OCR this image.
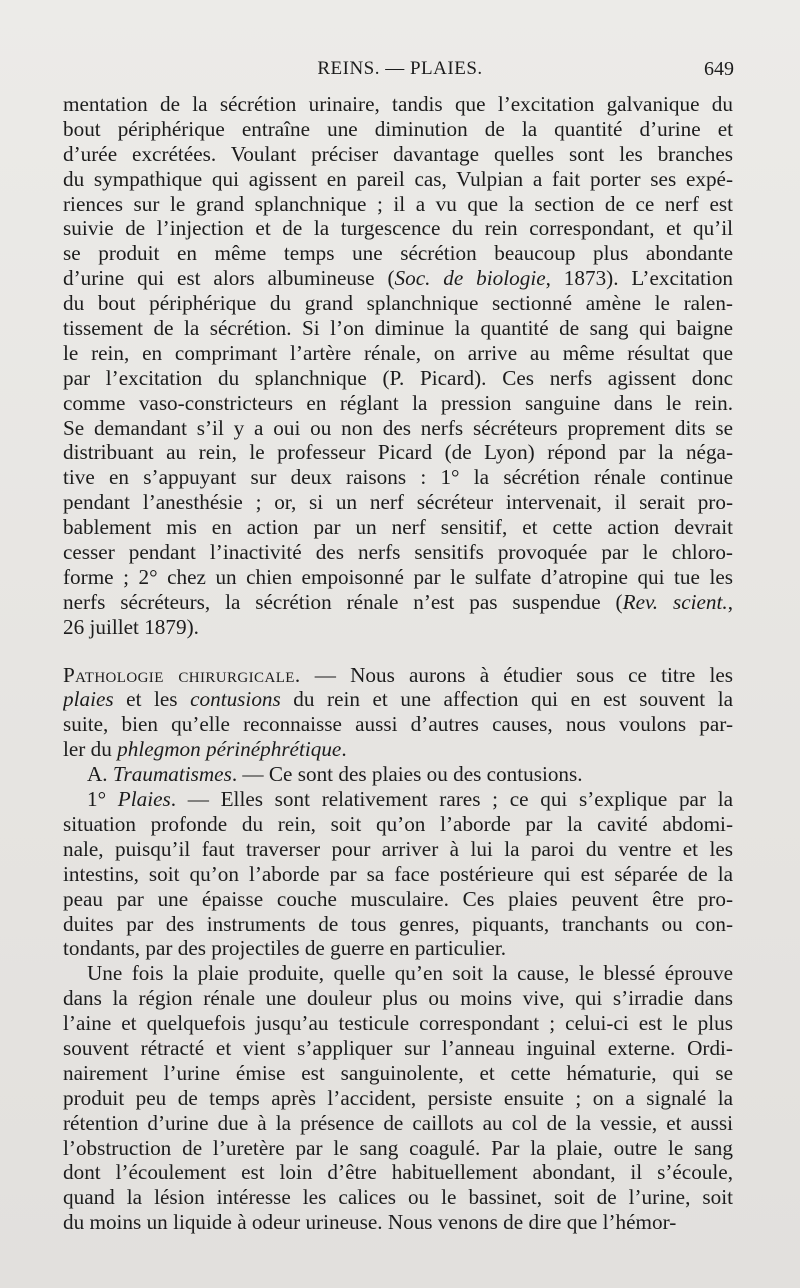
REINS. — PLAIES.	649
mentation de la sécrétion urinaire, tandis que l’excitation galvanique du
bout périphérique entraîne une diminution de la quantité d’urine et
d’urée excrétées. Voulant préciser davantage quelles sont les branches
du sympathique qui agissent en pareil cas, Vulpian a fait porter ses expé-
riences sur le grand splanchnique ; il a vu que la section de ce nerf est
suivie de l’injection et de la turgescence du rein correspondant, et qu’il
se produit en même temps une sécrétion beaucoup plus abondante
d’urine qui est alors albumineuse (Soc. de biologie, 1873). L’excitation
du bout périphérique du grand splanchnique sectionné amène le ralen-
tissement de la sécrétion. Si l’on diminue la quantité de sang qui baigne
le rein, en comprimant l’artère rénale, on arrive au même résultat que
par l’excitation du splanchnique (P. Picard). Ces nerfs agissent donc
comme vaso-constricteurs en réglant la pression sanguine dans le rein.
Se demandant s’il y a oui ou non des nerfs sécréteurs proprement dits se
distribuant au rein, le professeur Picard (de Lyon) répond par la néga-
tive en s’appuyant sur deux raisons : 1° la sécrétion rénale continue
pendant l’anesthésie ; or, si un nerf sécréteur intervenait, il serait pro-
bablement mis en action par un nerf sensitif, et cette action devrait
cesser pendant l’inactivité des nerfs sensitifs provoquée par le chloro-
forme ; 2° chez un chien empoisonné par le sulfate d’atropine qui tue les
nerfs sécréteurs, la sécrétion rénale n’est pas suspendue (Rev. scient.,
26 juillet 1879).
Pathologie chirurgicale. — Nous aurons à étudier sous ce titre les
plaies et les contusions du rein et une affection qui en est souvent la
suite, bien qu’elle reconnaisse aussi d’autres causes, nous voulons par-
ler du phlegmon périnéphrétique.
A. Traumatismes. — Ce sont des plaies ou des contusions.
1° Plaies. — Elles sont relativement rares ; ce qui s’explique par la
situation profonde du rein, soit qu’on l’aborde par la cavité abdomi-
nale, puisqu’il faut traverser pour arriver à lui la paroi du ventre et les
intestins, soit qu’on l’aborde par sa face postérieure qui est séparée de la
peau par une épaisse couche musculaire. Ces plaies peuvent être pro-
duites par des instruments de tous genres, piquants, tranchants ou con-
tondants, par des projectiles de guerre en particulier.
Une fois la plaie produite, quelle qu’en soit la cause, le blessé éprouve
dans la région rénale une douleur plus ou moins vive, qui s’irradie dans
l’aine et quelquefois jusqu’au testicule correspondant ; celui-ci est le plus
souvent rétracté et vient s’appliquer sur l’anneau inguinal externe. Ordi-
nairement l’urine émise est sanguinolente, et cette hématurie, qui se
produit peu de temps après l’accident, persiste ensuite ; on a signalé la
rétention d’urine due à la présence de caillots au col de la vessie, et aussi
l’obstruction de l’uretère par le sang coagulé. Par la plaie, outre le sang
dont l’écoulement est loin d’être habituellement abondant, il s’écoule,
quand la lésion intéresse les calices ou le bassinet, soit de l’urine, soit
du moins un liquide à odeur urineuse. Nous venons de dire que l’hémor-
